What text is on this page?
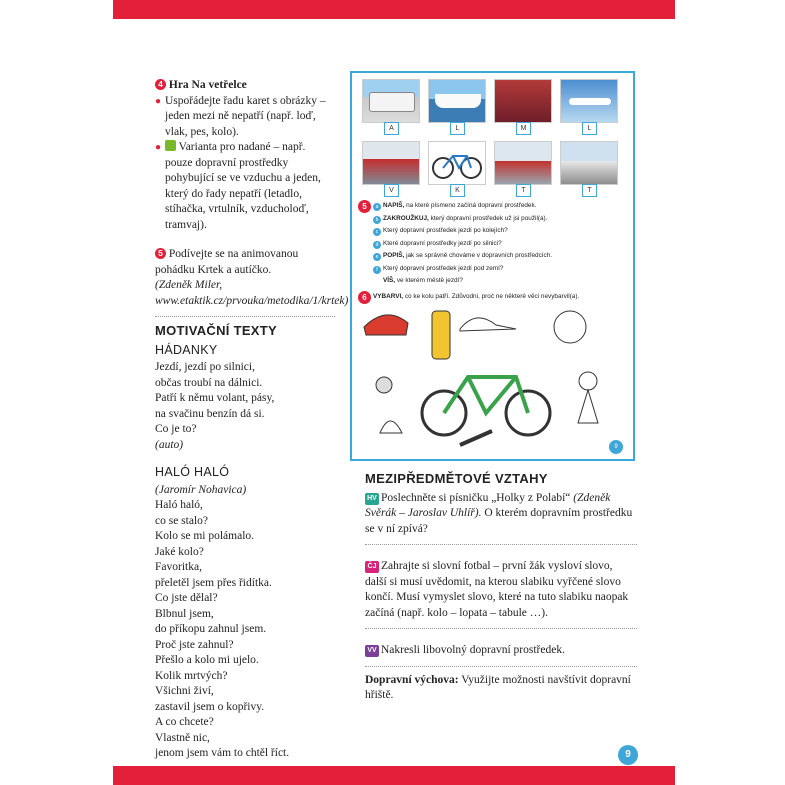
4 Hra Na vetřelce
● Uspořádejte řadu karet s obrázky – jeden mezi ně nepatří (např. loď, vlak, pes, kolo).
●	Varianta pro nadané – např. pouze dopravní prostředky pohybující se ve vzduchu a jeden, který do řady nepatří (letadlo, stíhačka, vrtulník, vzducholoď, tramvaj).
5 Podívejte se na animovanou pohádku Krtek a autíčko.
(Zdeněk Miler, www.etaktik.cz/prvouka/metodika/1/krtek)
MOTIVAČNÍ TEXTY
HÁDANKY
Jezdí, jezdí po silnici,
občas troubí na dálnici.
Patří k němu volant, pásy,
na svačinu benzín dá si.
Co je to?
(auto)
HALÓ HALÓ
(Jaromír Nohavica)
Haló haló,
co se stalo?
Kolo se mi polámalo.
Jaké kolo?
Favoritka,
přeletěl jsem přes řidítka.
Co jste dělal?
Blbnul jsem,
do příkopu zahnul jsem.
Proč jste zahnul?
Přešlo a kolo mi ujelo.
Kolik mrtvých?
Všichni živí,
zastavil jsem o kopřivy.
A co chcete?
Vlastně nic,
jenom jsem vám to chtěl říct.
A	L	M	L
V	K	T	T
5 a NAPIŠ, na které písmeno začíná dopravní prostředek.
b ZAKROUŽKUJ, který dopravní prostředek už jsi použil(a).
c Který dopravní prostředek jezdí po kolejích?
d Které dopravní prostředky jezdí po silnici?
e POPIŠ, jak se správně chováme v dopravních prostředcích.
f Který dopravní prostředek jezdí pod zemí?
VÍŠ, ve kterém městě jezdí?
6 VYBARVI, co ke kolu patří. Zdůvodni, proč ne některé věci nevybarvil(a).
9
MEZIPŘEDMĚTOVÉ VZTAHY
HV Poslechněte si písničku „Holky z Polabí“ (Zdeněk Svěrák – Jaroslav Uhlíř). O kterém dopravním prostředku se v ní zpívá?
ČJ Zahrajte si slovní fotbal – první žák vysloví slovo, další si musí uvědomit, na kterou slabiku vyřčené slovo končí. Musí vymyslet slovo, které na tuto slabiku naopak začíná (např. kolo – lopata – tabule …).
VV Nakresli libovolný dopravní prostředek.
Dopravní výchova: Využijte možnosti navštívit dopravní hřiště.
9
